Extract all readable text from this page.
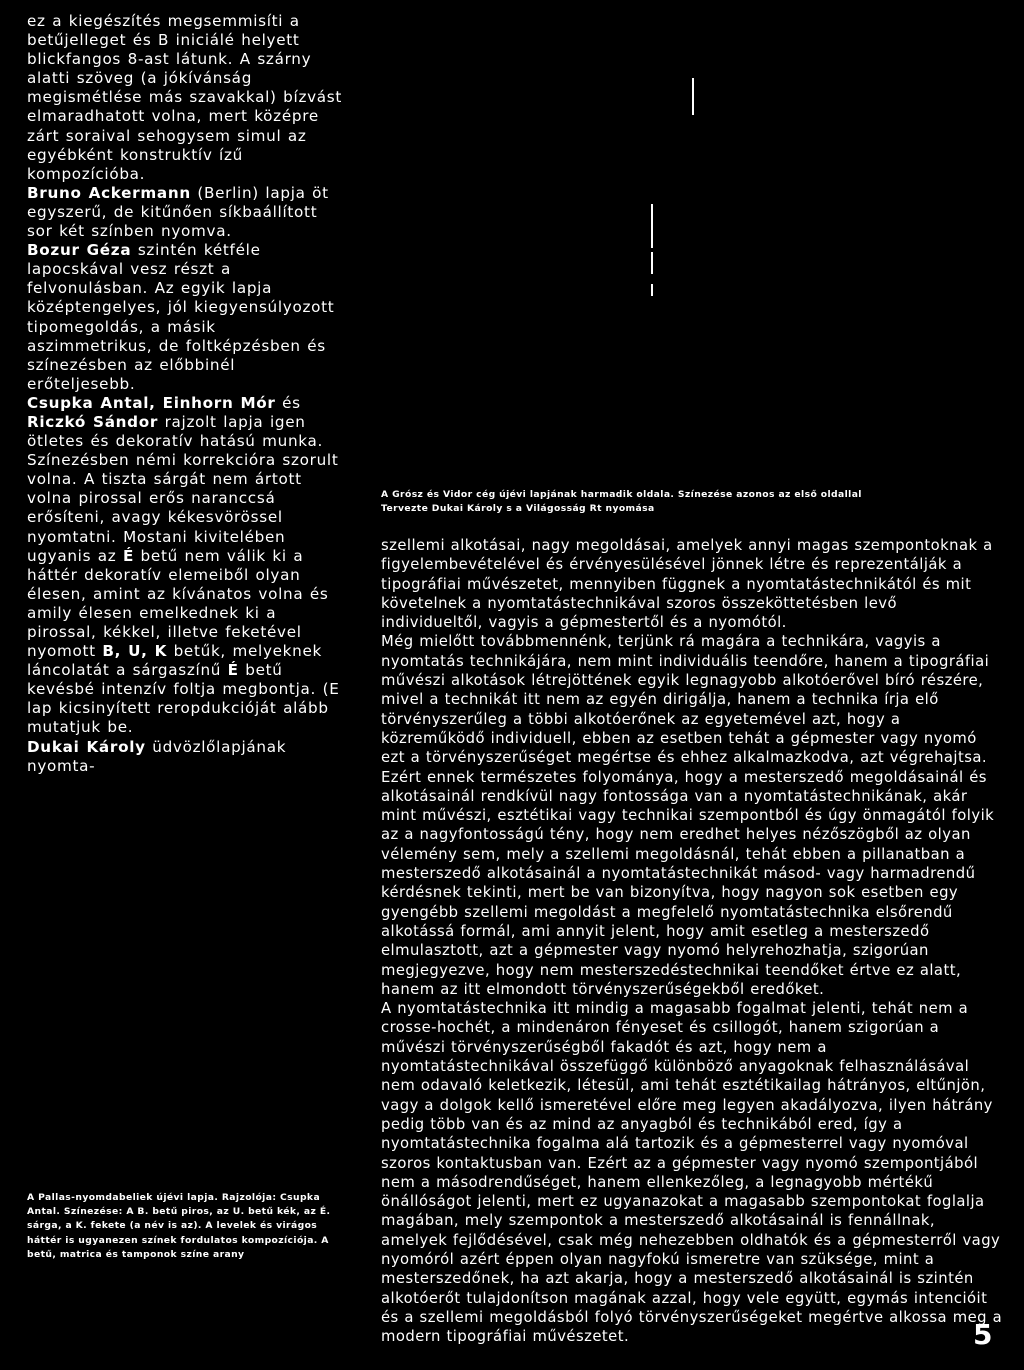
ez a kiegészítés megsemmisíti a betűjelleget és B iniciálé helyett blickfangos 8-ast látunk. A szárny alatti szöveg (a jókívánság megismétlése más szavakkal) bízvást elmaradhatott volna, mert középre zárt soraival sehogysem simul az egyébként konstruktív ízű kompozícióba.

Bruno Ackermann (Berlin) lapja öt egyszerű, de kitűnően síkbaállított sor két színben nyomva.

Bozur Géza szintén kétféle lapocskával vesz részt a felvonulásban. Az egyik lapja középtengelyes, jól kiegyensúlyozott tipomegoldás, a másik aszimmetrikus, de foltképzésben és színezésben az előbbinél erőteljesebb.

Csupka Antal, Einhorn Mór és Riczkó Sándor rajzolt lapja igen ötletes és dekoratív hatású munka. Színezésben némi korrekcióra szorult volna. A tiszta sárgát nem ártott volna pirossal erős naranccsá erősíteni, avagy kékesvörössel nyomtatni. Mostani kivitelében ugyanis az É betű nem válik ki a háttér dekoratív elemeiből olyan élesen, amint az kívánatos volna és amily élesen emelkednek ki a pirossal, kékkel, illetve feketével nyomott B, U, K betűk, melyeknek láncolatát a sárgaszínű É betű kevésbé intenzív foltja megbontja. (E lap kicsinyített reropdukcióját alább mutatjuk be.

Dukai Károly üdvözlőlapjának nyomta-

A Grósz és Vidor cég újévi lapjának harmadik oldala. Színezése azonos az első oldallal
Tervezte Dukai Károly s a Világosság Rt nyomása

szellemi alkotásai, nagy megoldásai, amelyek annyi magas szempontoknak a figyelembevételével és érvényesülésével jönnek létre és reprezentálják a tipográfiai művészetet, mennyiben függnek a nyomtatástechnikától és mit követelnek a nyomtatástechnikával szoros összeköttetésben levő individueltől, vagyis a gépmestertől és a nyomótól.

Még mielőtt továbbmennénk, terjünk rá magára a technikára, vagyis a nyomtatás technikájára, nem mint individuális teendőre, hanem a tipográfiai művészi alkotások létrejöttének egyik legnagyobb alkotóerővel bíró részére, mivel a technikát itt nem az egyén dirigálja, hanem a technika írja elő törvényszerűleg a többi alkotóerőnek az egyetemével azt, hogy a közreműködő individuell, ebben az esetben tehát a gépmester vagy nyomó ezt a törvényszerűséget megértse és ehhez alkalmazkodva, azt végrehajtsa. Ezért ennek természetes folyománya, hogy a mesterszedő megoldásainál és alkotásainál rendkívül nagy fontossága van a nyomtatástechnikának, akár mint művészi, esztétikai vagy technikai szempontból és úgy önmagától folyik az a nagyfontosságú tény, hogy nem eredhet helyes nézőszögből az olyan vélemény sem, mely a szellemi megoldásnál, tehát ebben a pillanatban a mesterszedő alkotásainál a nyomtatástechnikát másod- vagy harmadrendű kérdésnek tekinti, mert be van bizonyítva, hogy nagyon sok esetben egy gyengébb szellemi megoldást a megfelelő nyomtatástechnika elsőrendű alkotássá formál, ami annyit jelent, hogy amit esetleg a mesterszedő elmulasztott, azt a gépmester vagy nyomó helyrehozhatja, szigorúan megjegyezve, hogy nem mesterszedéstechnikai teendőket értve ez alatt, hanem az itt elmondott törvényszerűségekből eredőket.

A nyomtatástechnika itt mindig a magasabb fogalmat jelenti, tehát nem a crosse-hochét, a mindenáron fényeset és csillogót, hanem szigorúan a művészi törvényszerűségből fakadót és azt, hogy nem a nyomtatástechnikával összefüggő különböző anyagoknak felhasználásával nem odavaló keletkezik, létesül, ami tehát esztétikailag hátrányos, eltűnjön, vagy a dolgok kellő ismeretével előre meg legyen akadályozva, ilyen hátrány pedig több van és az mind az anyagból és technikából ered, így a nyomtatástechnika fogalma alá tartozik és a gépmesterrel vagy nyomóval szoros kontaktusban van. Ezért az a gépmester vagy nyomó szempontjából nem a másodrendűséget, hanem ellenkezőleg, a legnagyobb mértékű önállóságot jelenti, mert ez ugyanazokat a magasabb szempontokat foglalja magában, mely szempontok a mesterszedő alkotásainál is fennállnak, amelyek fejlődésével, csak még nehezebben oldhatók és a gépmesterről vagy nyomóról azért éppen olyan nagyfokú ismeretre van szüksége, mint a mesterszedőnek, ha azt akarja, hogy a mesterszedő alkotásainál is szintén alkotóerőt tulajdonítson magának azzal, hogy vele együtt, egymás intencióit és a szellemi megoldásból folyó törvényszerűségeket megértve alkossa meg a modern tipográfiai művészetet.

A Pallas-nyomdabeliek újévi lapja. Rajzolója: Csupka Antal. Színezése: A B. betű piros, az U. betű kék, az É. sárga, a K. fekete (a név is az). A levelek és virágos háttér is ugyanezen színek fordulatos kompozíciója. A betű, matrica és tamponok színe arany
5
